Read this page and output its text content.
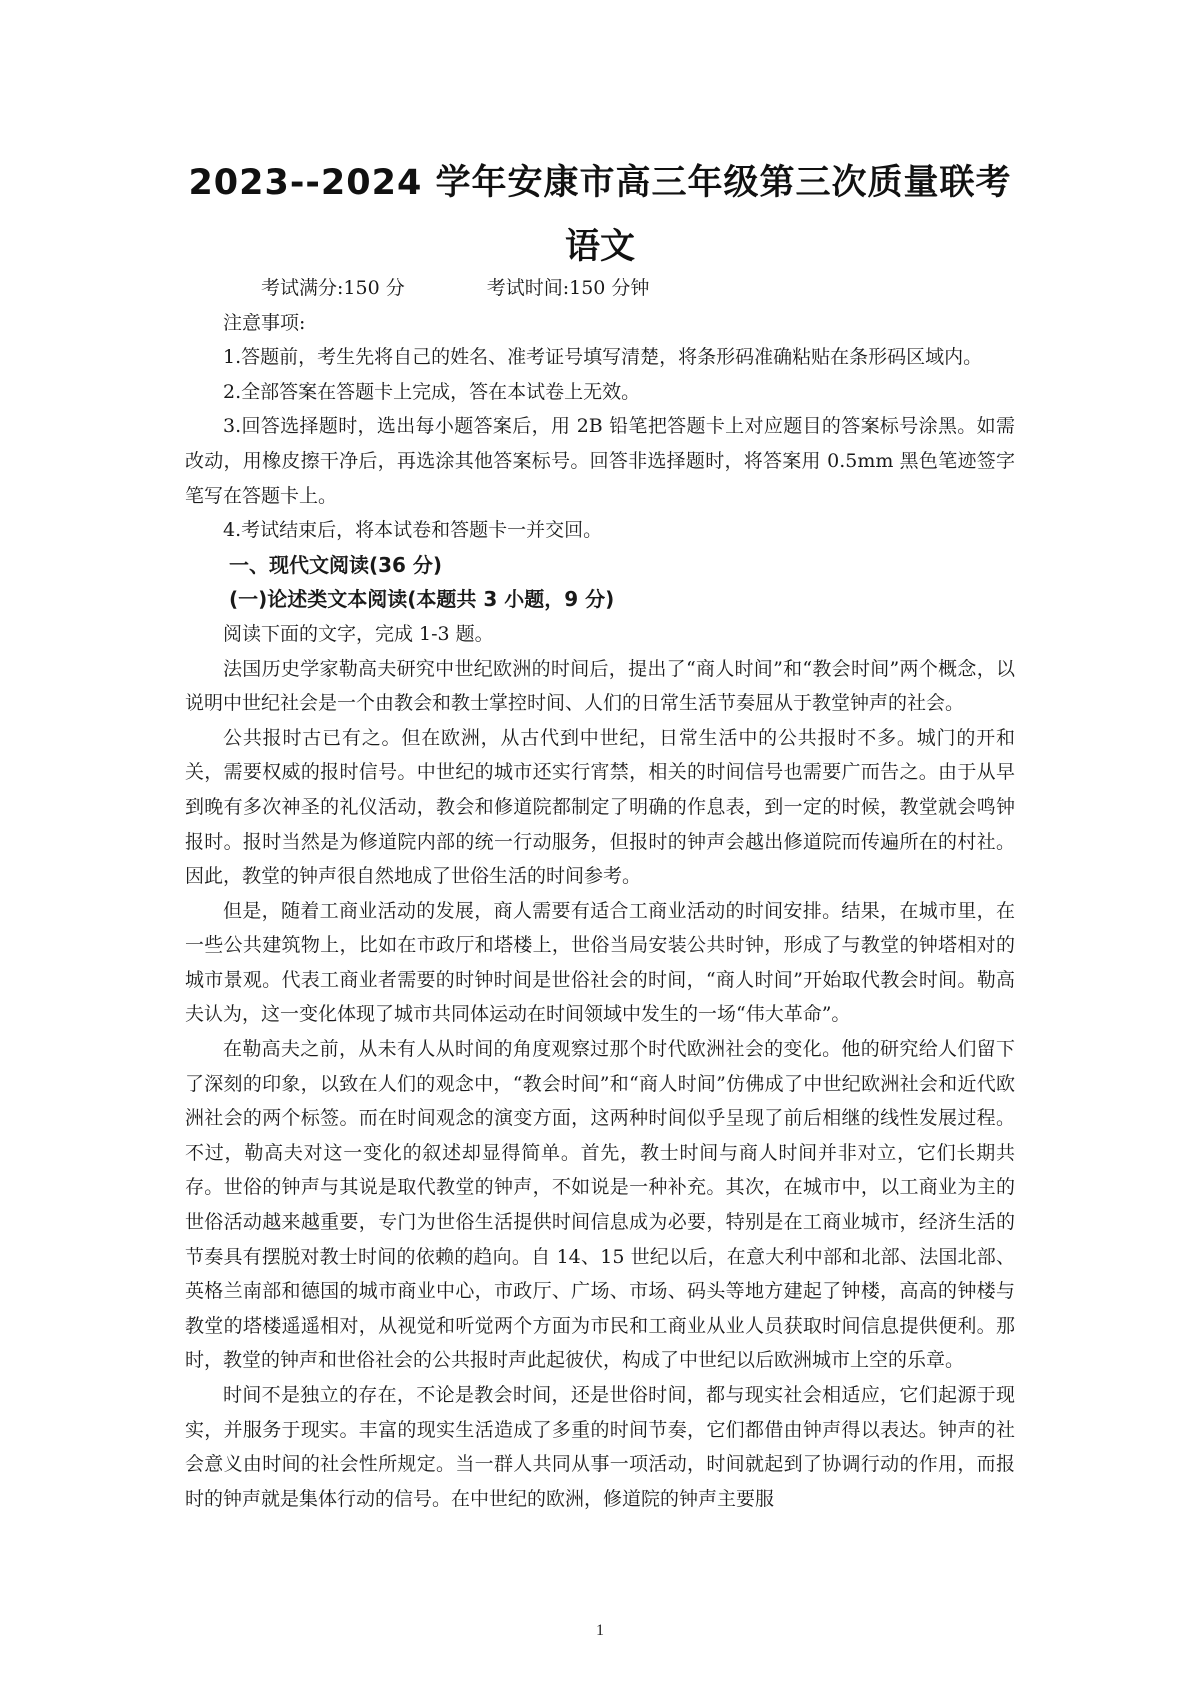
2023--2024 学年安康市高三年级第三次质量联考
语文

考试满分:150 分	考试时间:150 分钟

注意事项:

1.答题前，考生先将自己的姓名、准考证号填写清楚，将条形码准确粘贴在条形码区域内。

2.全部答案在答题卡上完成，答在本试卷上无效。

3.回答选择题时，选出每小题答案后，用 2B 铅笔把答题卡上对应题目的答案标号涂黑。如需改动，用橡皮擦干净后，再选涂其他答案标号。回答非选择题时，将答案用 0.5mm 黑色笔迹签字笔写在答题卡上。

4.考试结束后，将本试卷和答题卡一并交回。

一、现代文阅读(36 分)

(一)论述类文本阅读(本题共 3 小题，9 分)

阅读下面的文字，完成 1-3 题。

法国历史学家勒高夫研究中世纪欧洲的时间后，提出了“商人时间”和“教会时间”两个概念，以说明中世纪社会是一个由教会和教士掌控时间、人们的日常生活节奏屈从于教堂钟声的社会。

公共报时古已有之。但在欧洲，从古代到中世纪，日常生活中的公共报时不多。城门的开和关，需要权威的报时信号。中世纪的城市还实行宵禁，相关的时间信号也需要广而告之。由于从早到晚有多次神圣的礼仪活动，教会和修道院都制定了明确的作息表，到一定的时候，教堂就会鸣钟报时。报时当然是为修道院内部的统一行动服务，但报时的钟声会越出修道院而传遍所在的村社。因此，教堂的钟声很自然地成了世俗生活的时间参考。

但是，随着工商业活动的发展，商人需要有适合工商业活动的时间安排。结果，在城市里，在一些公共建筑物上，比如在市政厅和塔楼上，世俗当局安装公共时钟，形成了与教堂的钟塔相对的城市景观。代表工商业者需要的时钟时间是世俗社会的时间，“商人时间”开始取代教会时间。勒高夫认为，这一变化体现了城市共同体运动在时间领域中发生的一场“伟大革命”。

在勒高夫之前，从未有人从时间的角度观察过那个时代欧洲社会的变化。他的研究给人们留下了深刻的印象，以致在人们的观念中，“教会时间”和“商人时间”仿佛成了中世纪欧洲社会和近代欧洲社会的两个标签。而在时间观念的演变方面，这两种时间似乎呈现了前后相继的线性发展过程。不过，勒高夫对这一变化的叙述却显得简单。首先，教士时间与商人时间并非对立，它们长期共存。世俗的钟声与其说是取代教堂的钟声，不如说是一种补充。其次，在城市中，以工商业为主的世俗活动越来越重要，专门为世俗生活提供时间信息成为必要，特别是在工商业城市，经济生活的节奏具有摆脱对教士时间的依赖的趋向。自 14、15 世纪以后，在意大利中部和北部、法国北部、英格兰南部和德国的城市商业中心，市政厅、广场、市场、码头等地方建起了钟楼，高高的钟楼与教堂的塔楼遥遥相对，从视觉和听觉两个方面为市民和工商业从业人员获取时间信息提供便利。那时，教堂的钟声和世俗社会的公共报时声此起彼伏，构成了中世纪以后欧洲城市上空的乐章。

时间不是独立的存在，不论是教会时间，还是世俗时间，都与现实社会相适应，它们起源于现实，并服务于现实。丰富的现实生活造成了多重的时间节奏，它们都借由钟声得以表达。钟声的社会意义由时间的社会性所规定。当一群人共同从事一项活动，时间就起到了协调行动的作用，而报时的钟声就是集体行动的信号。在中世纪的欧洲，修道院的钟声主要服

1
